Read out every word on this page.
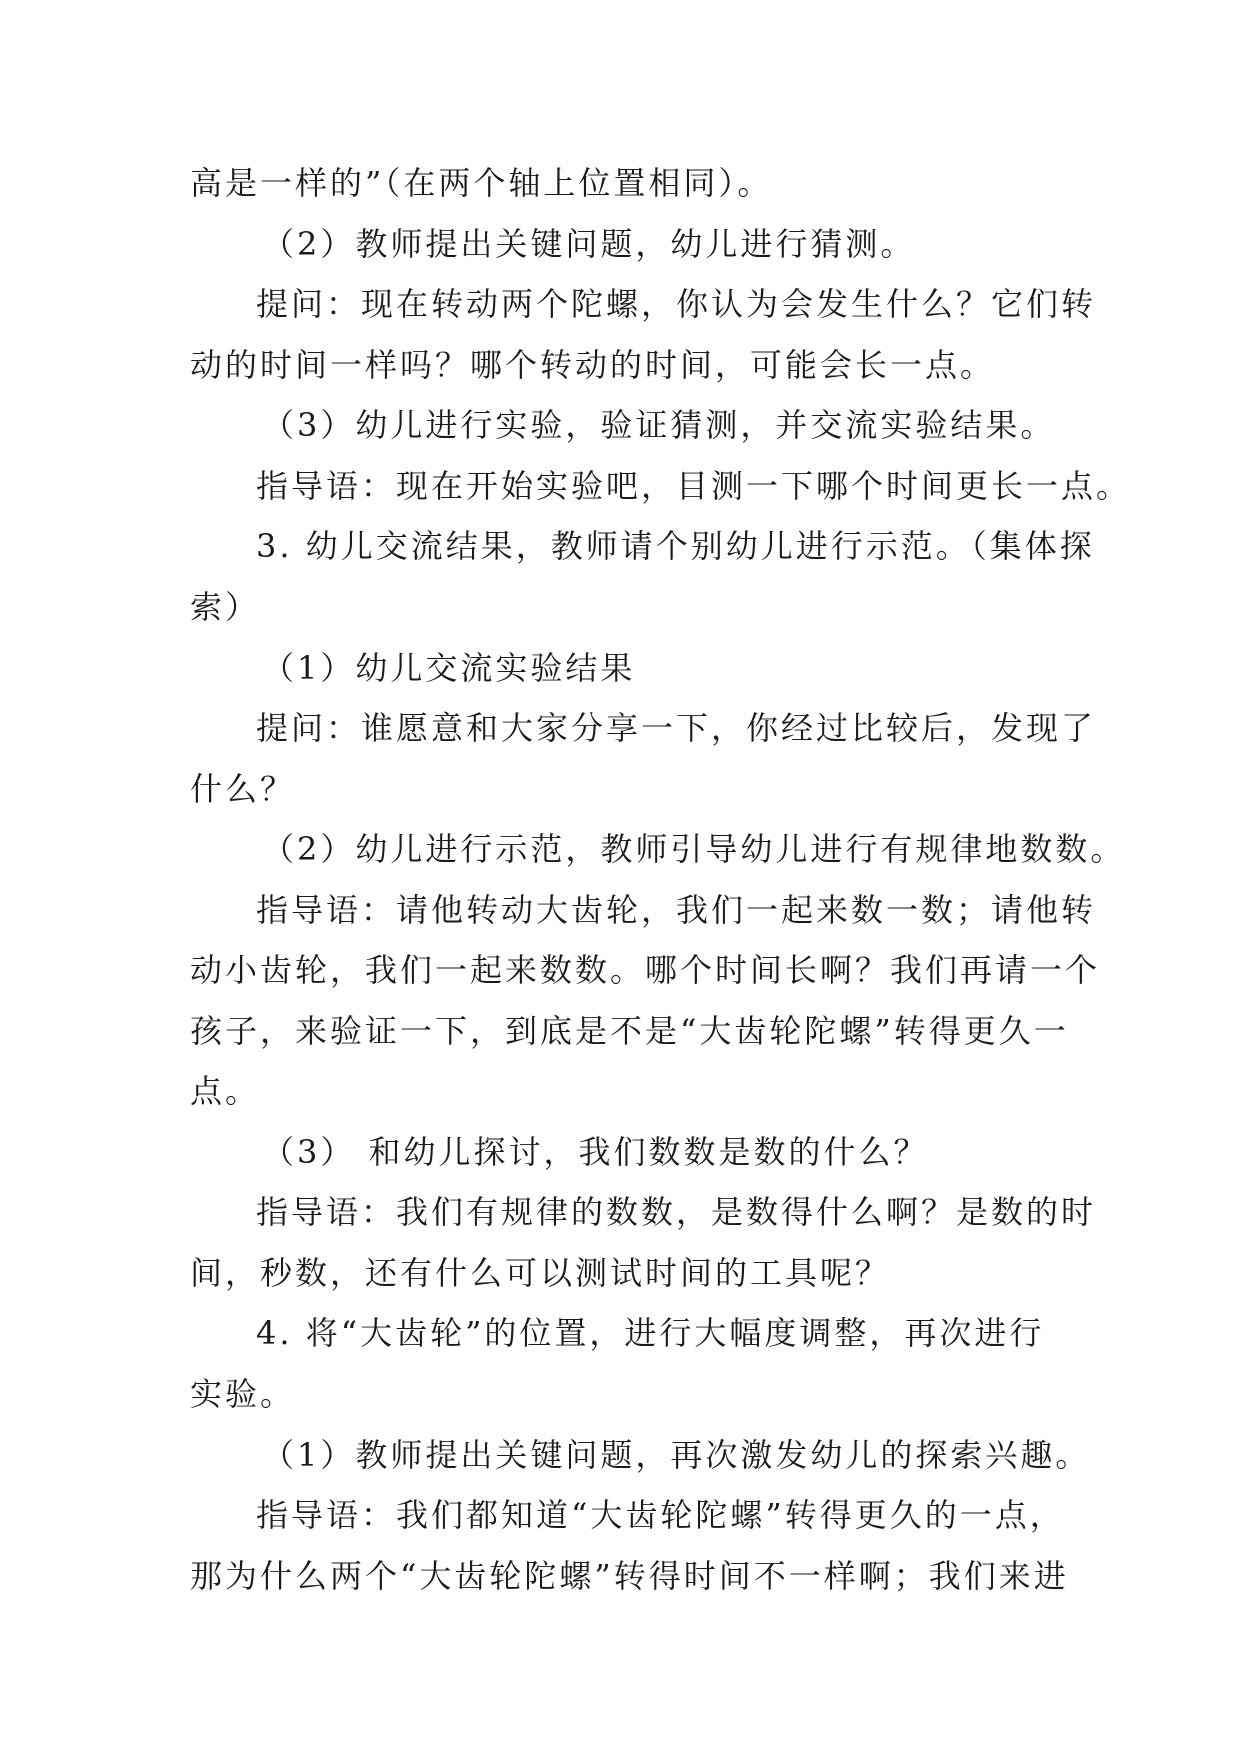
高是一样的”（在两个轴上位置相同）。
（2）教师提出关键问题，幼儿进行猜测。
提问：现在转动两个陀螺，你认为会发生什么？它们转
动的时间一样吗？哪个转动的时间，可能会长一点。
（3）幼儿进行实验，验证猜测，并交流实验结果。
指导语：现在开始实验吧，目测一下哪个时间更长一点。
3. 幼儿交流结果，教师请个别幼儿进行示范。（集体探
索）
（1）幼儿交流实验结果
提问：谁愿意和大家分享一下，你经过比较后，发现了
什么？
（2）幼儿进行示范，教师引导幼儿进行有规律地数数。
指导语：请他转动大齿轮，我们一起来数一数；请他转
动小齿轮，我们一起来数数。哪个时间长啊？我们再请一个
孩子，来验证一下，到底是不是“大齿轮陀螺”转得更久一
点。
（3） 和幼儿探讨，我们数数是数的什么？
指导语：我们有规律的数数，是数得什么啊？是数的时
间，秒数，还有什么可以测试时间的工具呢？
4. 将“大齿轮”的位置，进行大幅度调整，再次进行
实验。
（1）教师提出关键问题，再次激发幼儿的探索兴趣。
指导语：我们都知道“大齿轮陀螺”转得更久的一点，
那为什么两个“大齿轮陀螺”转得时间不一样啊；我们来进
